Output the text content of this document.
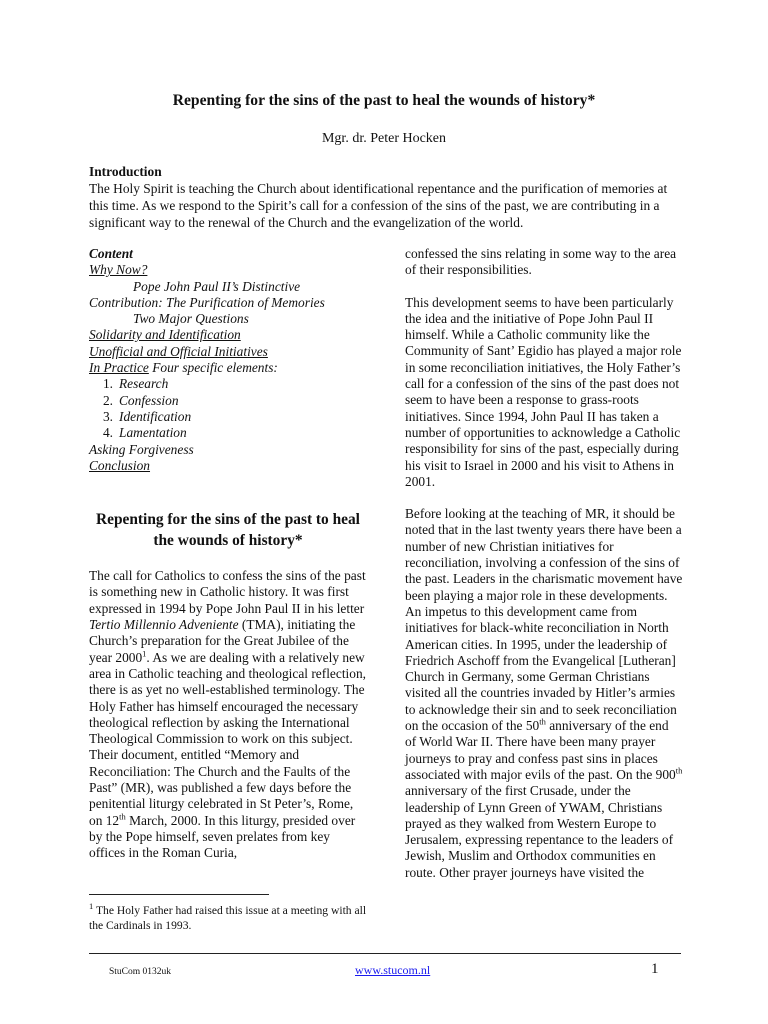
Repenting for the sins of the past to heal the wounds of history*
Mgr. dr. Peter Hocken
Introduction
The Holy Spirit is teaching the Church about identificational repentance and the purification of memories at this time. As we respond to the Spirit’s call for a confession of the sins of the past, we are contributing in a significant way to the renewal of the Church and the evangelization of the world.
Content
Why Now?
Pope John Paul II’s Distinctive
Contribution: The Purification of Memories
Two Major Questions
Solidarity and Identification
Unofficial and Official Initiatives
In Practice Four specific elements:
1. Research
2. Confession
3. Identification
4. Lamentation
Asking Forgiveness
Conclusion
Repenting for the sins of the past to heal the wounds of history*

The call for Catholics to confess the sins of the past is something new in Catholic history. It was first expressed in 1994 by Pope John Paul II in his letter Tertio Millennio Adveniente (TMA), initiating the Church’s preparation for the Great Jubilee of the year 2000$^1$. As we are dealing with a relatively new area in Catholic teaching and theological reflection, there is as yet no well-established terminology. The Holy Father has himself encouraged the necessary theological reflection by asking the International Theological Commission to work on this subject. Their document, entitled “Memory and Reconciliation: The Church and the Faults of the Past” (MR), was published a few days before the penitential liturgy celebrated in St Peter’s, Rome, on 12th March, 2000. In this liturgy, presided over by the Pope himself, seven prelates from key offices in the Roman Curia,

confessed the sins relating in some way to the area of their responsibilities.

This development seems to have been particularly the idea and the initiative of Pope John Paul II himself. While a Catholic community like the Community of Sant’ Egidio has played a major role in some reconciliation initiatives, the Holy Father’s call for a confession of the sins of the past does not seem to have been a response to grass-roots initiatives. Since 1994, John Paul II has taken a number of opportunities to acknowledge a Catholic responsibility for sins of the past, especially during his visit to Israel in 2000 and his visit to Athens in 2001.

Before looking at the teaching of MR, it should be noted that in the last twenty years there have been a number of new Christian initiatives for reconciliation, involving a confession of the sins of the past. Leaders in the charismatic movement have been playing a major role in these developments. An impetus to this development came from initiatives for black-white reconciliation in North American cities. In 1995, under the leadership of Friedrich Aschoff from the Evangelical [Lutheran] Church in Germany, some German Christians visited all the countries invaded by Hitler’s armies to acknowledge their sin and to seek reconciliation on the occasion of the 50th anniversary of the end of World War II. There have been many prayer journeys to pray and confess past sins in places associated with major evils of the past. On the 900th anniversary of the first Crusade, under the leadership of Lynn Green of YWAM, Christians prayed as they walked from Western Europe to Jerusalem, expressing repentance to the leaders of Jewish, Muslim and Orthodox communities en route. Other prayer journeys have visited the

$^1$ The Holy Father had raised this issue at a meeting with all the Cardinals in 1993.
StuCom 0132uk	www.stucom.nl	1
